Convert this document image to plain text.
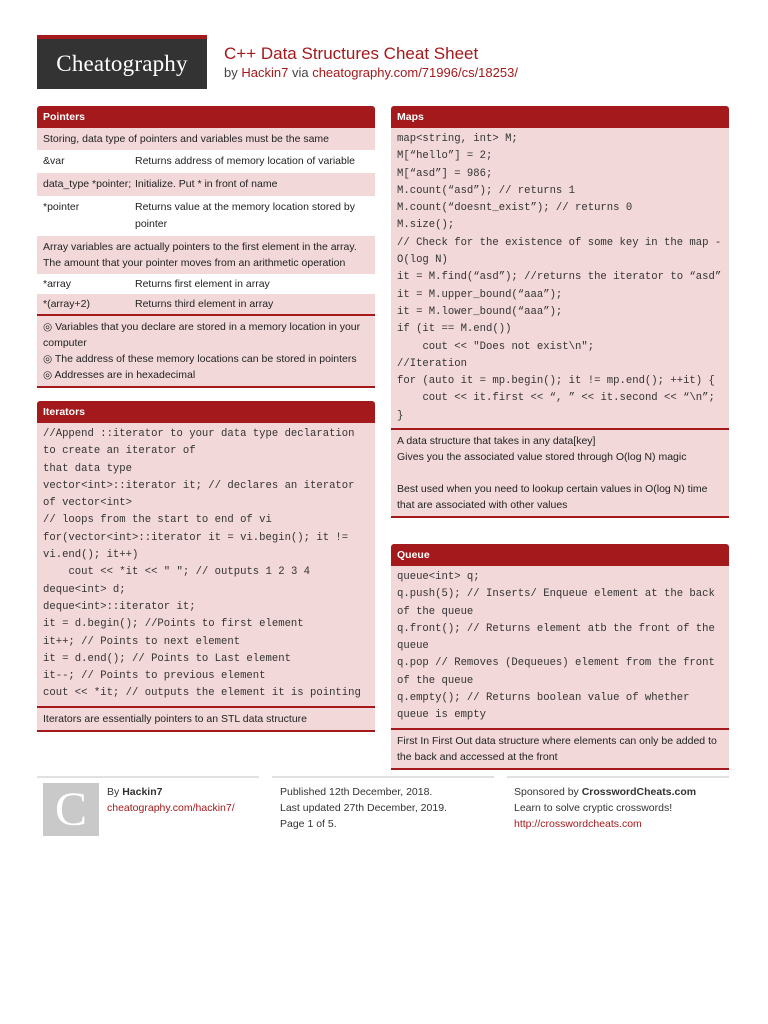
Cheatography	C++ Data Structures Cheat Sheet
by Hackin7 via cheatography.com/71996/cs/18253/
Pointers
Storing, data type of pointers and variables must be the same
&var	Returns address of memory location of variable
data_type *pointer; Initialize. Put * in front of name
*pointer	Returns value at the memory location stored by pointer
Array variables are actually pointers to the first element in the array. The amount that your pointer moves from an arithmetic operation
*array	Returns first element in array
*(array+2)	Returns third element in array
◎ Variables that you declare are stored in a memory location in your computer
◎ The address of these memory locations can be stored in pointers
◎ Addresses are in hexadecimal
Iterators
//Append ::iterator to your data type declaration to create an iterator of
that data type
vector<int>::iterator it; // declares an iterator of vector<int>
// loops from the start to end of vi
for(vector<int>::iterator it = vi.begin(); it != vi.end(); it++)
cout << *it << " "; // outputs 1 2 3 4
deque<int> d;
deque<int>::iterator it;
it = d.begin(); //Points to first element
it++; // Points to next element
it = d.end(); // Points to Last element
it--; // Points to previous element
cout << *it; // outputs the element it is pointing
Iterators are essentially pointers to an STL data structure
Maps
map<string, int> M;
M[“hello”] = 2;
M[“asd”] = 986;
M.count(“asd”); // returns 1
M.count(“doesnt_exist”); // returns 0
M.size();
// Check for the existence of some key in the map - O(log N)
it = M.find(“asd”); //returns the iterator to “asd”
it = M.upper_bound(“aaa”);
it = M.lower_bound(“aaa”);
if (it == M.end())
cout << "Does not exist\n";
//Iteration
for (auto it = mp.begin(); it != mp.end(); ++it) {
cout << it.first << “, ” << it.second << “\n”;
}
A data structure that takes in any data[key]
Gives you the associated value stored through O(log N) magic
Best used when you need to lookup certain values in O(log N) time that are associated with other values
Queue
queue<int> q;
q.push(5); // Inserts/ Enqueue element at the back of the queue
q.front(); // Returns element atb the front of the queue
q.pop // Removes (Dequeues) element from the front of the queue
q.empty(); // Returns boolean value of whether queue is empty
First In First Out data structure where elements can only be added to the back and accessed at the front
C	By Hackin7
cheatography.com/hackin7/
Published 12th December, 2018.
Last updated 27th December, 2019.
Page 1 of 5.
Sponsored by CrosswordCheats.com
Learn to solve cryptic crosswords!
http://crosswordcheats.com
